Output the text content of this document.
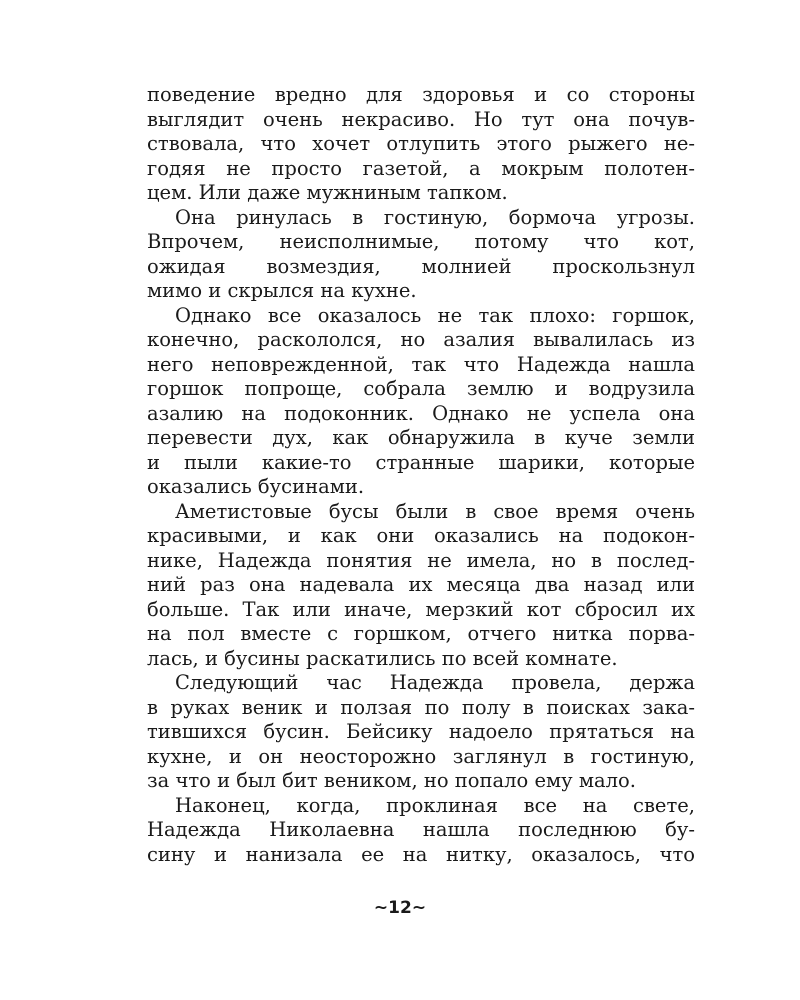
поведение вредно для здоровья и со стороны
выглядит очень некрасиво. Но тут она почув-
ствовала, что хочет отлупить этого рыжего не-
годяя не просто газетой, а мокрым полотен-
цем. Или даже мужниным тапком.
Она ринулась в гостиную, бормоча угрозы.
Впрочем, неисполнимые, потому что кот,
ожидая возмездия, молнией проскользнул
мимо и скрылся на кухне.
Однако все оказалось не так плохо: горшок,
конечно, раскололся, но азалия вывалилась из
него неповрежденной, так что Надежда нашла
горшок попроще, собрала землю и водрузила
азалию на подоконник. Однако не успела она
перевести дух, как обнаружила в куче земли
и пыли какие-то странные шарики, которые
оказались бусинами.
Аметистовые бусы были в свое время очень
красивыми, и как они оказались на подокон-
нике, Надежда понятия не имела, но в послед-
ний раз она надевала их месяца два назад или
больше. Так или иначе, мерзкий кот сбросил их
на пол вместе с горшком, отчего нитка порва-
лась, и бусины раскатились по всей комнате.
Следующий час Надежда провела, держа
в руках веник и ползая по полу в поисках зака-
тившихся бусин. Бейсику надоело прятаться на
кухне, и он неосторожно заглянул в гостиную,
за что и был бит веником, но попало ему мало.
Наконец, когда, проклиная все на свете,
Надежда Николаевна нашла последнюю бу-
сину и нанизала ее на нитку, оказалось, что
~12~
